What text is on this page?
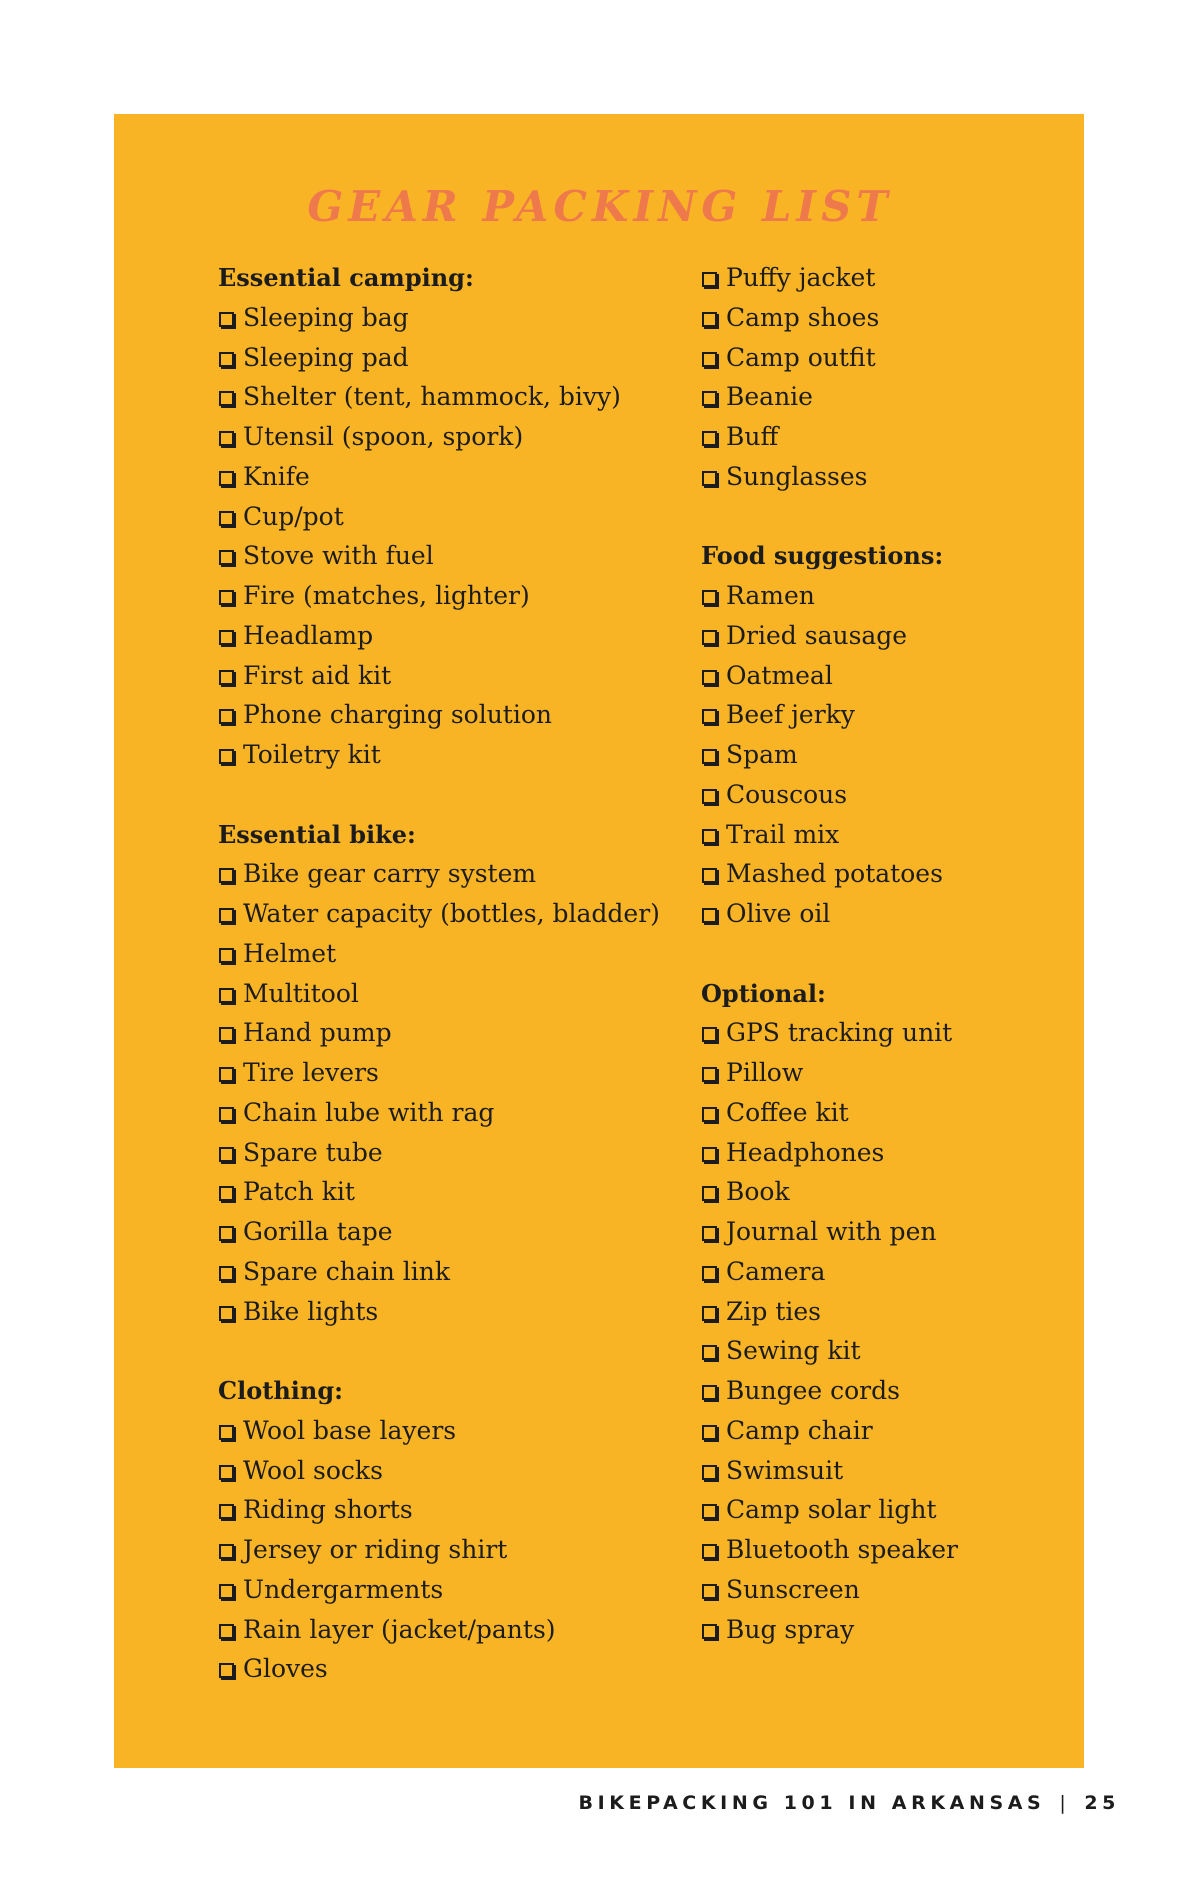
GEAR PACKING LIST
Essential camping:
Sleeping bag
Sleeping pad
Shelter (tent, hammock, bivy)
Utensil (spoon, spork)
Knife
Cup/pot
Stove with fuel
Fire (matches, lighter)
Headlamp
First aid kit
Phone charging solution
Toiletry kit
Essential bike:
Bike gear carry system
Water capacity (bottles, bladder)
Helmet
Multitool
Hand pump
Tire levers
Chain lube with rag
Spare tube
Patch kit
Gorilla tape
Spare chain link
Bike lights
Clothing:
Wool base layers
Wool socks
Riding shorts
Jersey or riding shirt
Undergarments
Rain layer (jacket/pants)
Gloves
Puffy jacket
Camp shoes
Camp outfit
Beanie
Buff
Sunglasses
Food suggestions:
Ramen
Dried sausage
Oatmeal
Beef jerky
Spam
Couscous
Trail mix
Mashed potatoes
Olive oil
Optional:
GPS tracking unit
Pillow
Coffee kit
Headphones
Book
Journal with pen
Camera
Zip ties
Sewing kit
Bungee cords
Camp chair
Swimsuit
Camp solar light
Bluetooth speaker
Sunscreen
Bug spray
BIKEPACKING 101 IN ARKANSAS | 25
